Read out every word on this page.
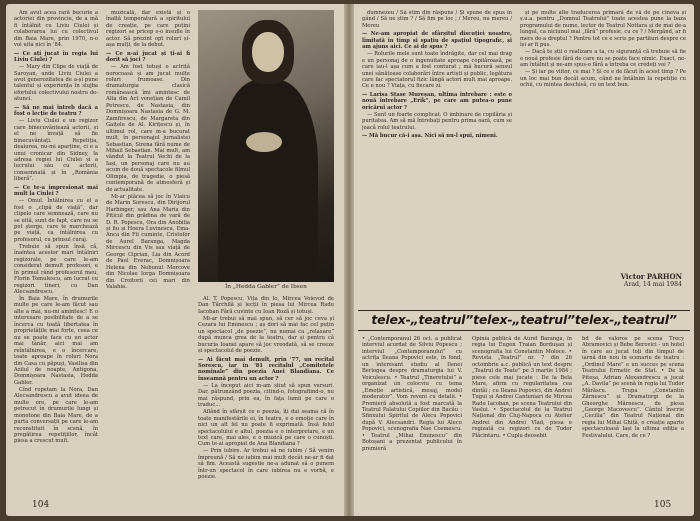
Am avut acea rară bucurie a actoriei din provincie, de a mă fi întâlnit cu Liviu Ciulei și colaborarea lui cu colectivul din Baia Mare, prin 1970, n-o voi uita nici în '84.

— Ce ați jucat în regia lui Liviu Ciulei ?

— Mary din Clipe de viață de Saroyan, unde Liviu Ciulei a avut generozitatea de a-și pune talentul și experiența în slujba efortului colectivului nostru de-atunci.

— Să ne mai întreb dacă a fost o lecție de teatru ?

— Liviu Ciulei e un regizor care binecuvântează actorii, și el ne învață să fie binecuvântați. Repetiția, deaiurea, nu-mi aparține, ci e a unui cronicar din Sidney, la adresa regiei lui Ciulei și a lucrului său cu actorii, consemnată și în „România liberă”.

— Ce te-a impresionat mai mult la Ciulei ?

— Omul. Întâlnirea cu el a fost o „clipă de viață”, dar clipele care semnează, care nu se uită, sunt de fapt, care nu se pot șterge, care te marchează pe viață, ca întâlnirea cu profesorul, cu prinsul curaj.

Trebuie să spun însă că, înaintea acestor mari întâlniri regizorale, pe care le-am considerat demult profesori, e în primul rând profesorul meu, Florin Tomulescu, am lucrat cu regizori tineri, cu Dan Alecsandrescu.

În Baia Mare, în drumurile multe pe care le-am făcut sau alte a mai, nu-mi amintesc! E o interesare posibilitate de a se încerca cu toată libertatea în proprietățile mai forte, ceea ce nu se poate face cu un actor mai tânăr, aici mai am reîntâlnirea, e o încercare, toate aproape în roluri Nora din Casa cu păpuși, Vasilisa din Azilul de noapte, Antigona, Domnișoara Nastasia, Hedda Gabler.

Cînd repetam la Nora, Dan Alecsandrescu a avut ideea de multe ore, pe care le-am petrecut în drumurile lungi și monotone din Baia Mare, de a purta conversații pe care le-am reconstituit în scenă, în pregătirea repetițiilor, încât piesa a crescut mult.

muzicală, dar există și o înaltă temperatură a spiritului de creație, pe care puțini regizori se pricep s-o insufle în actor. Să prezint opt roluri și-așa mulți, de la debut.

— Ce n-ai jucat și ți-ai fi dorit să joci ?

— Am fost totuși o actriță norocoasă și am jucat multe roluri frumoase. Din dramaturgia clasică românească îmi amintesc de Alta din Act venețian de Camil Petrescu, de Nastasia, din Domnișoara Nastasia de G. M. Zamfirescu, de Margareta din Gaițele de Al. Kirițescu și, în ultimul rol, care m-a bucurat mult, în personajul jurnalistei Sebastian, Sirena fără nume de Mihail Sebastian. Mai mult, am vândut la Teatrul Vechi de la Iași, un personaj care nu au acum de două spectacole filmul Olimpia, de tragedie, o piesă contemporană de atmosferă și de actualitate.

Mi-ar plăcea să joc în Vlaicu de Marin Sorescu, din Dirijorul Harbinger, sau Ana Maria din Piticul din grădina de vară de D. R. Popescu, Ora din Anobilia și fiu și Hoera Luvinescu, Ema-Anca din Fii cuminte, Cristofor de Aurel Baranga, Magda Mircescu din Vis sau viață de George Ciprian, Lia din Acord de Paul Everac, Domnișoara Helena din Nebunul Morcove din Nicolae Iorga Domnișoara din Croitorii cei mari din Valahia.	În „Hedda Gabler” de Ibsen

Al. T. Popescu, Vița din Io, Mircea Voievod de Dan Tărchilă și lecții în piesa lui Mircea Radu Iacoban Fără cuvinte cu Ioan Roză și totuși.

Mi-ar trebui să mai spun, să cer să joc ceva și Cezara lui Eminescu ; aș dori să mai fac cel puțin un spectacol „de poezie”, nu numai ca „relaxare” după munca grea de la teatru, dar și pentru că bucuria Ioanei apare să joc vreodată, să se creeze și spectacolul de poezie.

— Ai făcut mai demult, prin '77, un recital Sorescu, iar în '81 recitalul „Comitetele nominale” din poezia Anei Blandiana. Ce înseamnă pentru un actor ?

— La început aici m-am știut să spun versuri. Dar, pătrunzând poezia, citind-o, fotografiind-o, nu mai răspund, prin ea, în fața lumii pe care o traduc...

Aflând în sfârșit ce e poezia, îți dai seama că în toate manifestările ei, în teatru, e o emoție care în nici un alt fel nu poate fi exprimată. Însă felul spectacolului e altul, poezia e o interpretare, e un text care, mai ales, e o muzică pe care o cunoști. Cum te-ai apropiat de Ana Blandiana ?

— Prin iubire. Ar trebui să ne iubim / Să venim împreună / Să ne iubim mai mult decât ne-ar fi dat să fim. Această sugestie ne-a adunat să o punem într-un spectacol în care iubirea nu e vorbă, e poezie.

104

dumnezeu / Să stim din răspuns / Și spune de spus în gând / Să ne știm ? / Să fim pe loc ; / Mereu, nu mereu / Mereu

— Ne-am apropiat de sfârșitul discuției noastre, limitată în timp și spațiu de spațiul tipografic, și am ajuns aici. Ce ai de spus ?

— Rolurile mele sunt toate îndrăgite, dar cel mai drag e un personaj de o ingenuitate aproape copilăroasă, pe care iau-l așa cum a fost conturat ; mă bucură sensul unei sănătoase colaborări între artiști și public, legătura care fac spectatorul fizic lângă actori mult mai aproape. Ce e nou ? Viața, cu fiecare zi.

— Larisa Stase Mureșan, ultima întrebare : este o nouă întrebare „Erik”, pe care am putea-o pune oricărui actor ?

— Sunt un foarte complicat. O imbinare de copilăria și puritatea. Am să mă întrebați pentru prima oară, cum se joacă rolul teatrului.

— Mă bucur că-i așa. Nici să nu-l spui, nimeni.

și pe multe alte traducerea primară de vă de pe cineva și ș.u.a. pentru „Domnul Teatrului” toate acestea pune la baza programului de nume, lector de Teatrul Nottara și de mai de-a lungul, ca niciunul mai „fără” profesie, cu ce ? / Mergând, ar fi mers de-a dreptul ? Pentru tot ce e scris pe partituri despre ce își ar fi pus.

— Dacă te știi o realizare a ta, cu siguranță că trebuie să fie o nouă profesie fără de care nu se poate face nimic. Exact, ne-am întâlnit și ne-am spus-o fără a întreba ce credeți voi ?

— Și iar pe viitor, ce mai ? Și ce e de făcut în acest timp ? Pe un loc mai bun decât acum, când ne întâlnim la repetiție cu ochii, cu mintea deschisă, cu un text bun.

Victor PARHON
Arad, 14 mai 1984
• „Contemporanul 26 oct. a publicat interviul acordat de Silviu Popescu ; interviul „Contemporanului” cu actrița Ileana Popovici este, în fond, un interesant studiu al Ilenei Berlogea despre dramaturgia lui V. Voiculescu. • Teatrul „Tineretului” a organizat un colocviu cu tema „Emoție artistică, mesaj, model moderator”. Vom reveni cu detalii. • Premieră absolută a fost marcată la Teatrul Palatului Copiilor din Bacău : Sfinxului Spiritul de Alecu Popovici după V. Alecsandri. Regia lui Alecu Popovici, scenografia Nae Cosmescu. • Teatrul „Mihai Eminescu” din Botoșani a prezentat publicului în premieră
Opinia publică de Aurel Baranga, în regia lui Eugen Traian Bordușan și scenografia lui Constantin Moloce. • Revista „Teatrul” nr. 7 din 26 octombrie a.c. publică un text despre „Teatrul de Toate” pe 3 martie 1984 ; piese cele mai jucate : De la Bela Mare, afirm cu regularitatea cea dintâi ; cu Ileana Popovici, din Andrei Tugui și Andrei Cantuniari de Mircea Radu Iacoban, pe scena Teatrului din Vaslui. • Spectacolul de la Teatrul Național din Cluj-Napoca cu Atelier Andrei din Andrei Vlad, piesa e regizată cu regizori ce de Tudor Plăcintaru. • Cuplu deosebit
bd de valoros pe scena Trecy Abramovici și Bebe Berovici - un hotel în care au jucat toți din timpul de iarnă din nou în scenariu de teatru : „Ordinul Mare” e un succes pe scena Teatrului Ermetic de Stat. • De la Piteșa, Adrian Alexandrescu a jucat „A. Davila” pe scenă în regia lui Tudor Mărăscu. Trupa „Constantin Zărnescu” și Dramaturgi de la Gheorghe Mărnescu, de piesa „George Macovescu”. Cântul înscrie „Cecilia” din Teatrul Național din regia lui Mihai Ghiță, o creație aparte spectaculoasă Iași la ultima ediție a Festivalului. Care, de ce ?
105
telex-„teatrul”telex-„teatrul”telex-„teatrul”
